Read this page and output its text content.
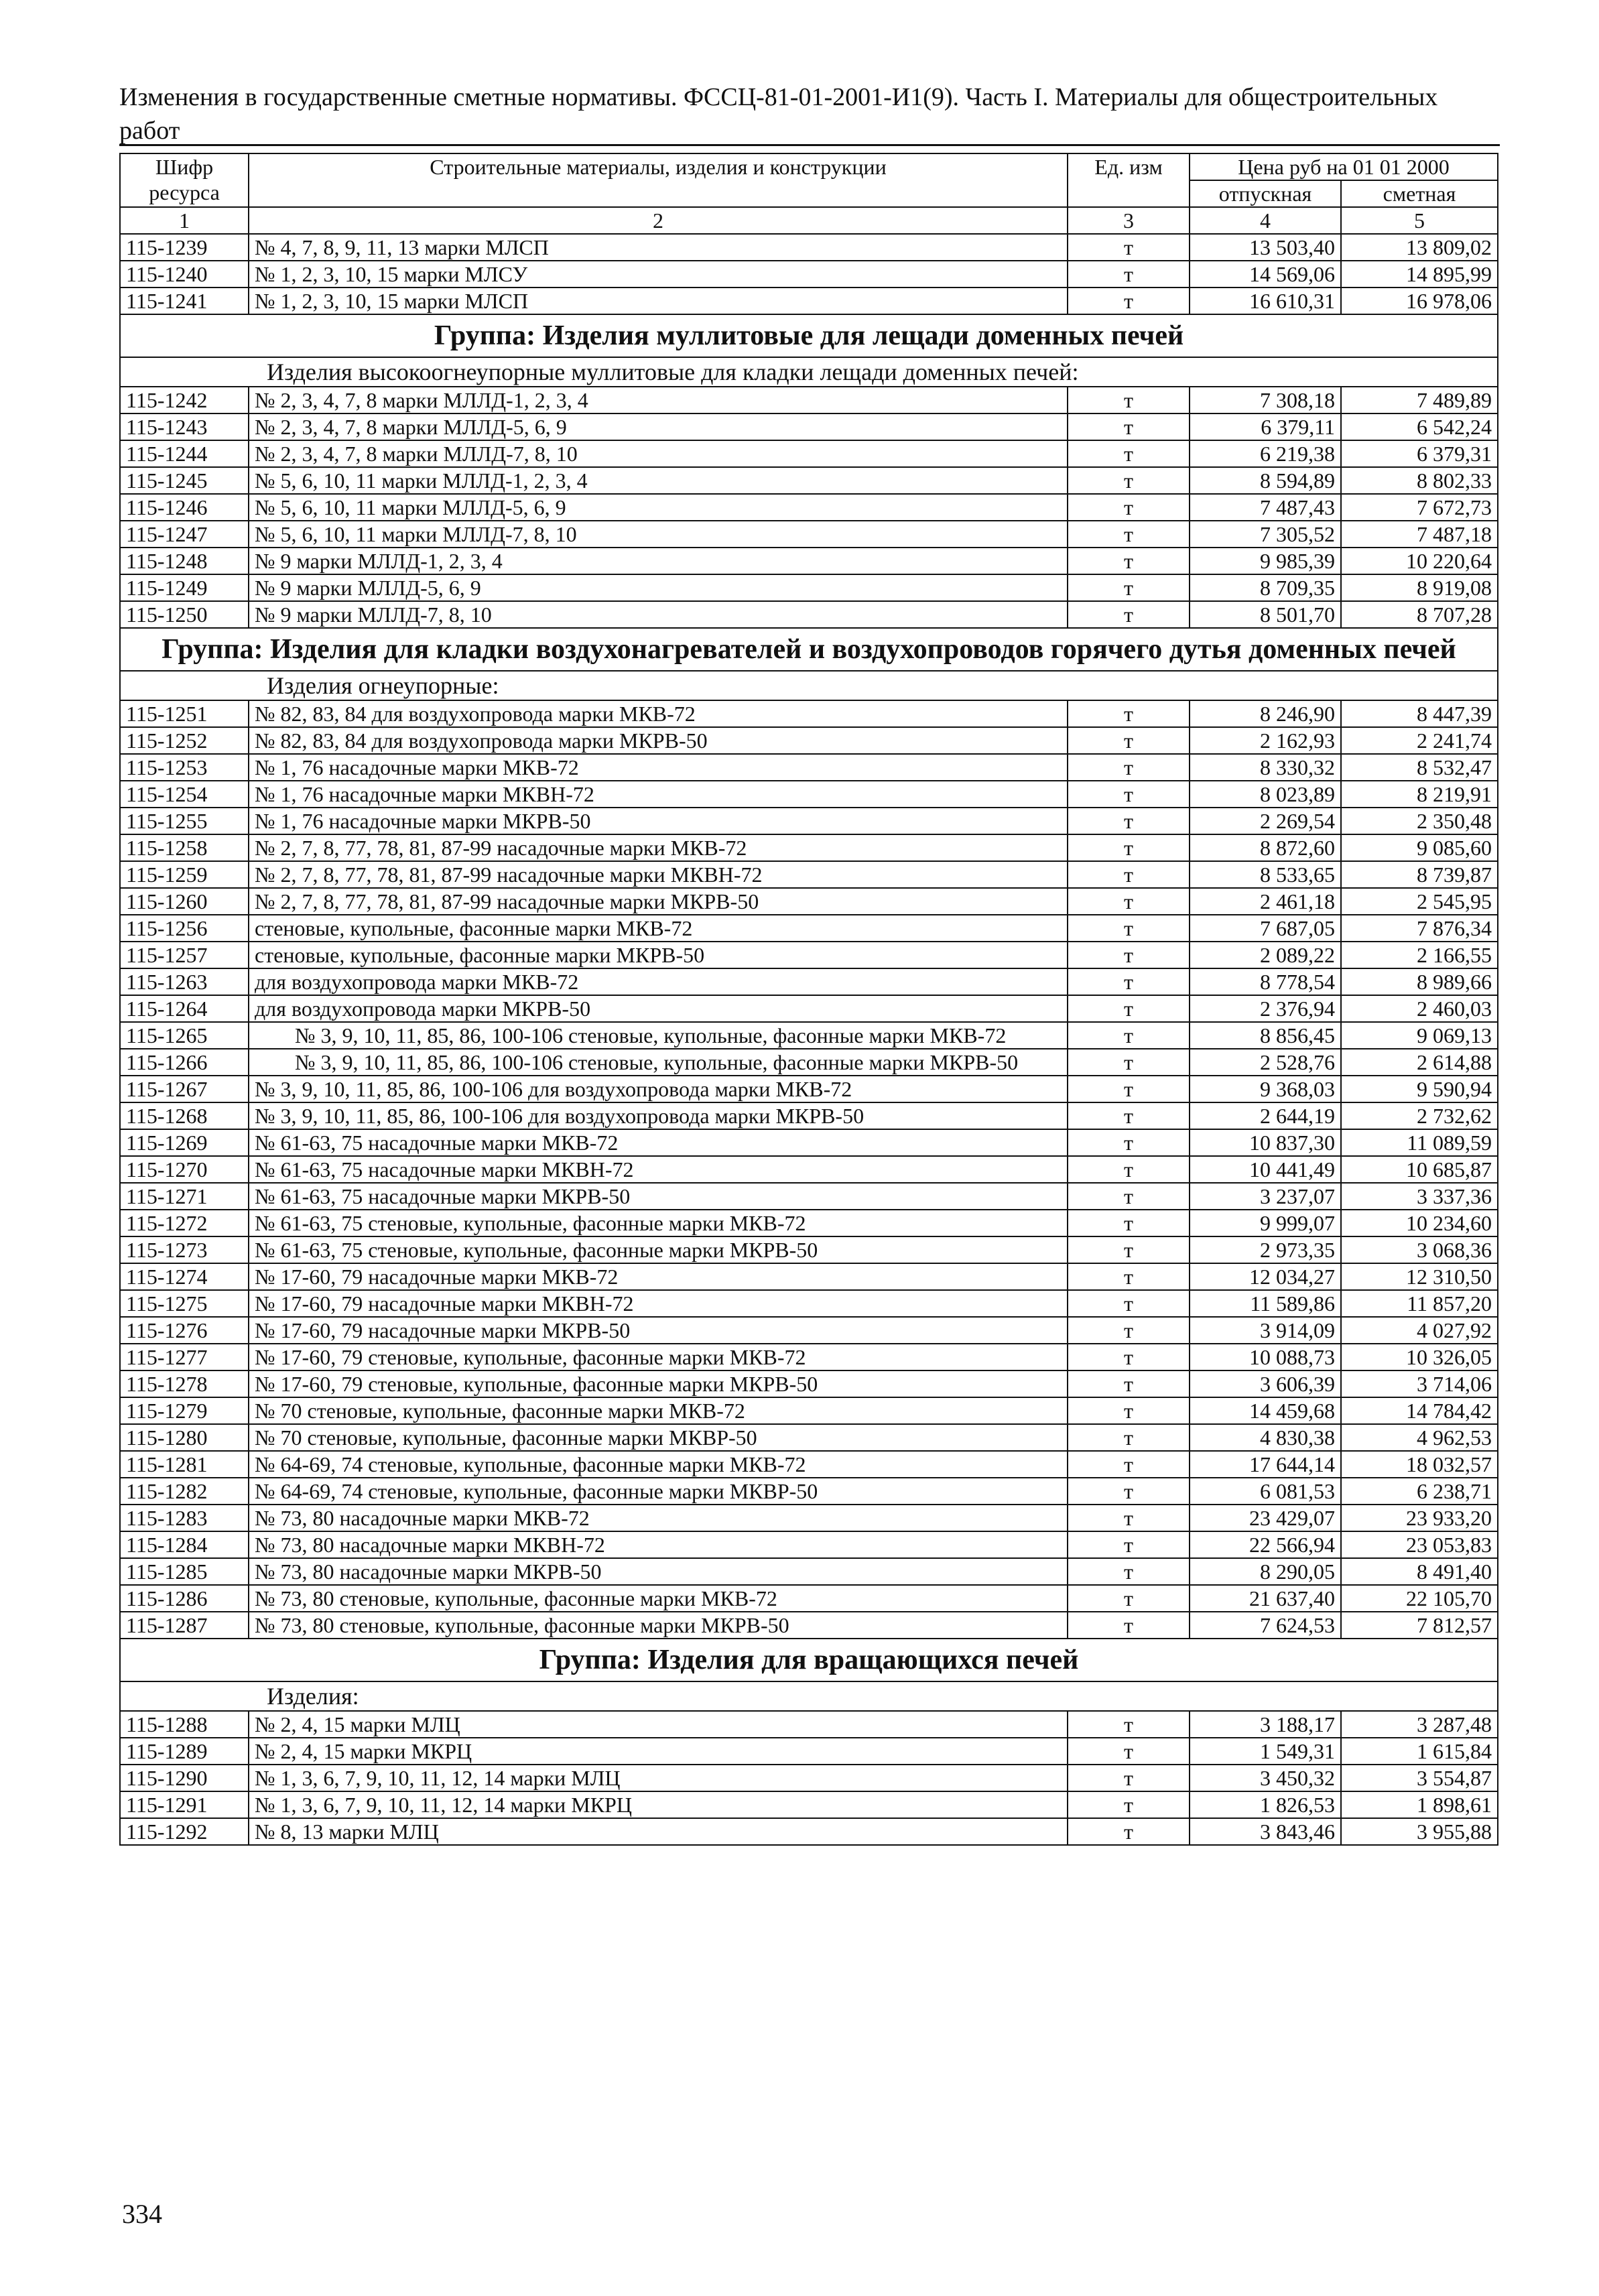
Изменения в государственные сметные нормативы. ФССЦ-81-01-2001-И1(9). Часть I. Материалы для общестроительных работ
Шифр ресурса	Строительные материалы, изделия и конструкции	Ед. изм	Цена руб на 01 01 2000	
			отпускная	сметная
1	2	3	4	5
115-1239	№ 4, 7, 8, 9, 11, 13 марки МЛСП	т	13 503,40	13 809,02
115-1240	№ 1, 2, 3, 10, 15 марки МЛСУ	т	14 569,06	14 895,99
115-1241	№ 1, 2, 3, 10, 15 марки МЛСП	т	16 610,31	16 978,06
Группа: Изделия муллитовые для лещади доменных печей				
Изделия высокоогнеупорные муллитовые для кладки лещади доменных печей:				
115-1242	№ 2, 3, 4, 7, 8 марки МЛЛД-1, 2, 3, 4	т	7 308,18	7 489,89
115-1243	№ 2, 3, 4, 7, 8 марки МЛЛД-5, 6, 9	т	6 379,11	6 542,24
115-1244	№ 2, 3, 4, 7, 8 марки МЛЛД-7, 8, 10	т	6 219,38	6 379,31
115-1245	№ 5, 6, 10, 11 марки МЛЛД-1, 2, 3, 4	т	8 594,89	8 802,33
115-1246	№ 5, 6, 10, 11 марки МЛЛД-5, 6, 9	т	7 487,43	7 672,73
115-1247	№ 5, 6, 10, 11 марки МЛЛД-7, 8, 10	т	7 305,52	7 487,18
115-1248	№ 9 марки МЛЛД-1, 2, 3, 4	т	9 985,39	10 220,64
115-1249	№ 9 марки МЛЛД-5, 6, 9	т	8 709,35	8 919,08
115-1250	№ 9 марки МЛЛД-7, 8, 10	т	8 501,70	8 707,28
Группа: Изделия для кладки воздухонагревателей и воздухопроводов горячего дутья доменных печей				
Изделия огнеупорные:				
115-1251	№ 82, 83, 84 для воздухопровода марки МКВ-72	т	8 246,90	8 447,39
115-1252	№ 82, 83, 84 для воздухопровода марки МКРВ-50	т	2 162,93	2 241,74
115-1253	№ 1, 76 насадочные марки МКВ-72	т	8 330,32	8 532,47
115-1254	№ 1, 76 насадочные марки МКВН-72	т	8 023,89	8 219,91
115-1255	№ 1, 76 насадочные марки МКРВ-50	т	2 269,54	2 350,48
115-1258	№ 2, 7, 8, 77, 78, 81, 87-99 насадочные марки МКВ-72	т	8 872,60	9 085,60
115-1259	№ 2, 7, 8, 77, 78, 81, 87-99 насадочные марки МКВН-72	т	8 533,65	8 739,87
115-1260	№ 2, 7, 8, 77, 78, 81, 87-99 насадочные марки МКРВ-50	т	2 461,18	2 545,95
115-1256	стеновые, купольные, фасонные марки МКВ-72	т	7 687,05	7 876,34
115-1257	стеновые, купольные, фасонные марки МКРВ-50	т	2 089,22	2 166,55
115-1263	для воздухопровода марки МКВ-72	т	8 778,54	8 989,66
115-1264	для воздухопровода марки МКРВ-50	т	2 376,94	2 460,03
115-1265	№ 3, 9, 10, 11, 85, 86, 100-106 стеновые, купольные, фасонные марки МКВ-72	т	8 856,45	9 069,13
115-1266	№ 3, 9, 10, 11, 85, 86, 100-106 стеновые, купольные, фасонные марки МКРВ-50	т	2 528,76	2 614,88
115-1267	№ 3, 9, 10, 11, 85, 86, 100-106 для воздухопровода марки МКВ-72	т	9 368,03	9 590,94
115-1268	№ 3, 9, 10, 11, 85, 86, 100-106 для воздухопровода марки МКРВ-50	т	2 644,19	2 732,62
115-1269	№ 61-63, 75 насадочные марки МКВ-72	т	10 837,30	11 089,59
115-1270	№ 61-63, 75 насадочные марки МКВН-72	т	10 441,49	10 685,87
115-1271	№ 61-63, 75 насадочные марки МКРВ-50	т	3 237,07	3 337,36
115-1272	№ 61-63, 75 стеновые, купольные, фасонные марки МКВ-72	т	9 999,07	10 234,60
115-1273	№ 61-63, 75 стеновые, купольные, фасонные марки МКРВ-50	т	2 973,35	3 068,36
115-1274	№ 17-60, 79 насадочные марки МКВ-72	т	12 034,27	12 310,50
115-1275	№ 17-60, 79 насадочные марки МКВН-72	т	11 589,86	11 857,20
115-1276	№ 17-60, 79 насадочные марки МКРВ-50	т	3 914,09	4 027,92
115-1277	№ 17-60, 79 стеновые, купольные, фасонные марки МКВ-72	т	10 088,73	10 326,05
115-1278	№ 17-60, 79 стеновые, купольные, фасонные марки МКРВ-50	т	3 606,39	3 714,06
115-1279	№ 70 стеновые, купольные, фасонные марки МКВ-72	т	14 459,68	14 784,42
115-1280	№ 70 стеновые, купольные, фасонные марки МКВР-50	т	4 830,38	4 962,53
115-1281	№ 64-69, 74 стеновые, купольные, фасонные марки МКВ-72	т	17 644,14	18 032,57
115-1282	№ 64-69, 74 стеновые, купольные, фасонные марки МКВР-50	т	6 081,53	6 238,71
115-1283	№ 73, 80 насадочные марки МКВ-72	т	23 429,07	23 933,20
115-1284	№ 73, 80 насадочные марки МКВН-72	т	22 566,94	23 053,83
115-1285	№ 73, 80 насадочные марки МКРВ-50	т	8 290,05	8 491,40
115-1286	№ 73, 80 стеновые, купольные, фасонные марки МКВ-72	т	21 637,40	22 105,70
115-1287	№ 73, 80 стеновые, купольные, фасонные марки МКРВ-50	т	7 624,53	7 812,57
Группа: Изделия для вращающихся печей				
Изделия:				
115-1288	№ 2, 4, 15 марки МЛЦ	т	3 188,17	3 287,48
115-1289	№ 2, 4, 15 марки МКРЦ	т	1 549,31	1 615,84
115-1290	№ 1, 3, 6, 7, 9, 10, 11, 12, 14 марки МЛЦ	т	3 450,32	3 554,87
115-1291	№ 1, 3, 6, 7, 9, 10, 11, 12, 14 марки МКРЦ	т	1 826,53	1 898,61
115-1292	№ 8, 13 марки МЛЦ	т	3 843,46	3 955,88
334
